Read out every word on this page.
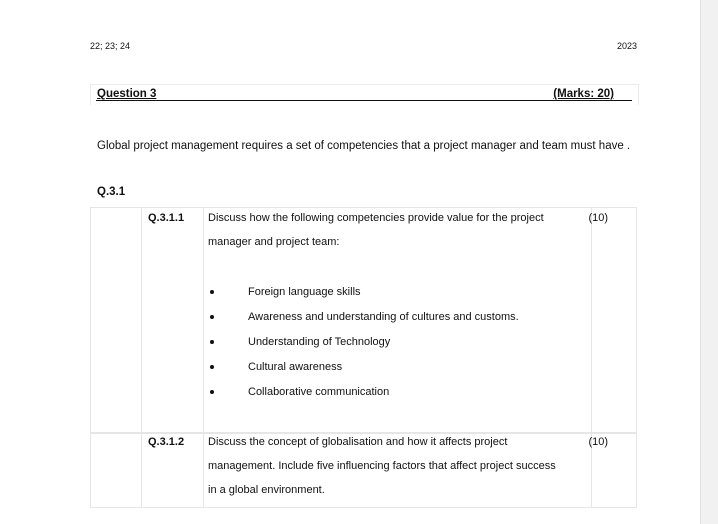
22; 23; 24	2023
Question 3	(Marks: 20)
Global project management requires a set of competencies that a project manager and team must have .
Q.3.1
Q.3.1.1 Discuss how the following competencies provide value for the project manager and project team:
(10)
Foreign language skills
Awareness and understanding of cultures and customs.
Understanding of Technology
Cultural awareness
Collaborative communication
Q.3.1.2 Discuss the concept of globalisation and how it affects project management. Include five influencing factors that affect project success in a global environment.
(10)
